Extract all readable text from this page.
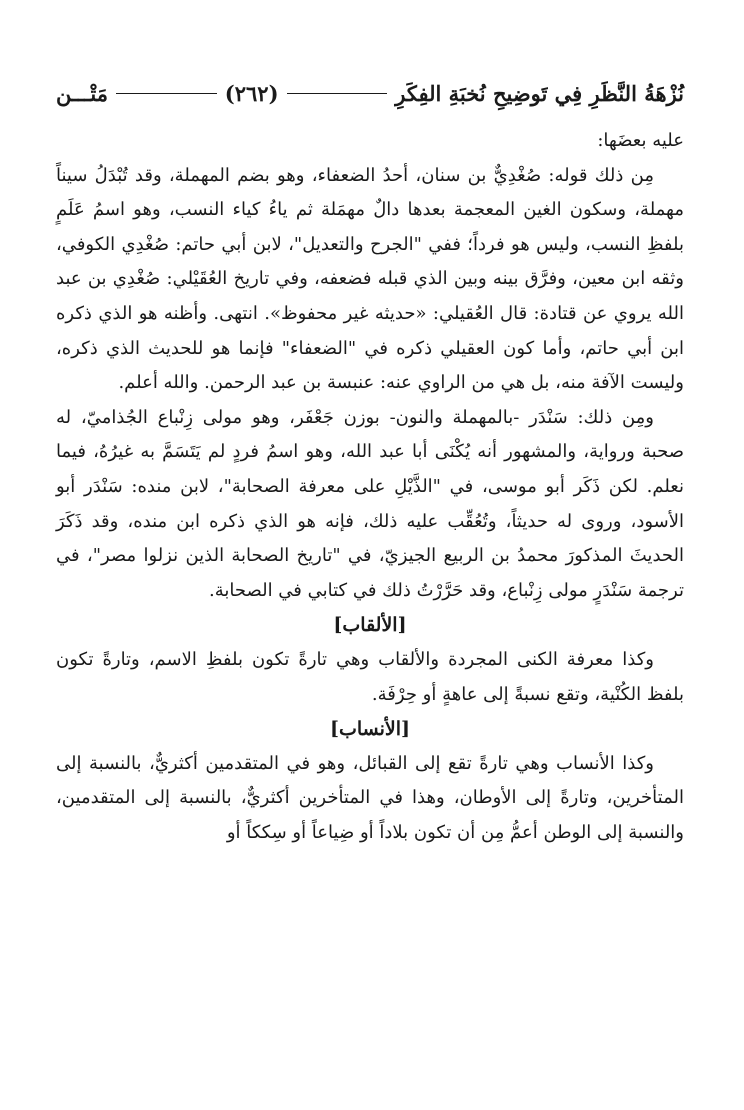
نُزْهَةُ النَّظَرِ فِي تَوضِيحِ نُخبَةِ الفِكَرِ
(٢٦٢)
مَتْـــن

عليه بعضَها:

مِن ذلك قوله: صُغْدِيٌّ بن سنان، أحدُ الضعفاء، وهو بضم المهملة، وقد تُبْدَلُ سيناً مهملة، وسكون الغين المعجمة بعدها دالٌ مهمَلة ثم ياءُ كياء النسب، وهو اسمُ عَلَمٍ بلفظِ النسب، وليس هو فرداً؛ ففي "الجرح والتعديل"، لابن أبي حاتم: صُغْدِي الكوفي، وثقه ابن معين، وفرَّق بينه وبين الذي قبله فضعفه، وفي تاريخ العُقَيْلي: صُغْدِي بن عبد الله يروي عن قتادة: قال العُقيلي: «حديثه غير محفوظ». انتهى. وأظنه هو الذي ذكره ابن أبي حاتم، وأما كون العقيلي ذكره في "الضعفاء" فإنما هو للحديث الذي ذكره، وليست الآفة منه، بل هي من الراوي عنه: عنبسة بن عبد الرحمن. والله أعلم.

ومِن ذلك: سَنْدَر -بالمهملة والنون- بوزن جَعْفَر، وهو مولى زِنْباع الجُذاميّ، له صحبة ورواية، والمشهور أنه يُكْنَى أبا عبد الله، وهو اسمُ فردٍ لم يَتَسَمَّ به غيرُهُ، فيما نعلم. لكن ذَكَر أبو موسى، في "الذَّيْلِ على معرفة الصحابة"، لابن منده: سَنْدَر أبو الأسود، وروى له حديثاً، وتُعُقِّب عليه ذلك، فإنه هو الذي ذكره ابن منده، وقد ذَكَرَ الحديثَ المذكورَ محمدُ بن الربيع الجيزيّ، في "تاريخ الصحابة الذين نزلوا مصر"، في ترجمة سَنْدَرٍ مولى زِنْباع، وقد حَرَّرْتُ ذلك في كتابي في الصحابة.

[الألقاب]

وكذا معرفة الكنى المجردة والألقاب وهي تارةً تكون بلفظِ الاسم، وتارةً تكون بلفظ الكُنْية، وتقع نسبةً إلى عاهةٍ أو حِرْفَة.

[الأنساب]

وكذا الأنساب وهي تارةً تقع إلى القبائل، وهو في المتقدمين أكثريٌّ، بالنسبة إلى المتأخرين، وتارةً إلى الأوطان، وهذا في المتأخرين أكثريٌّ، بالنسبة إلى المتقدمين، والنسبة إلى الوطن أعمُّ مِن أن تكون بلاداً أو ضِياعاً أو سِككاً أو
